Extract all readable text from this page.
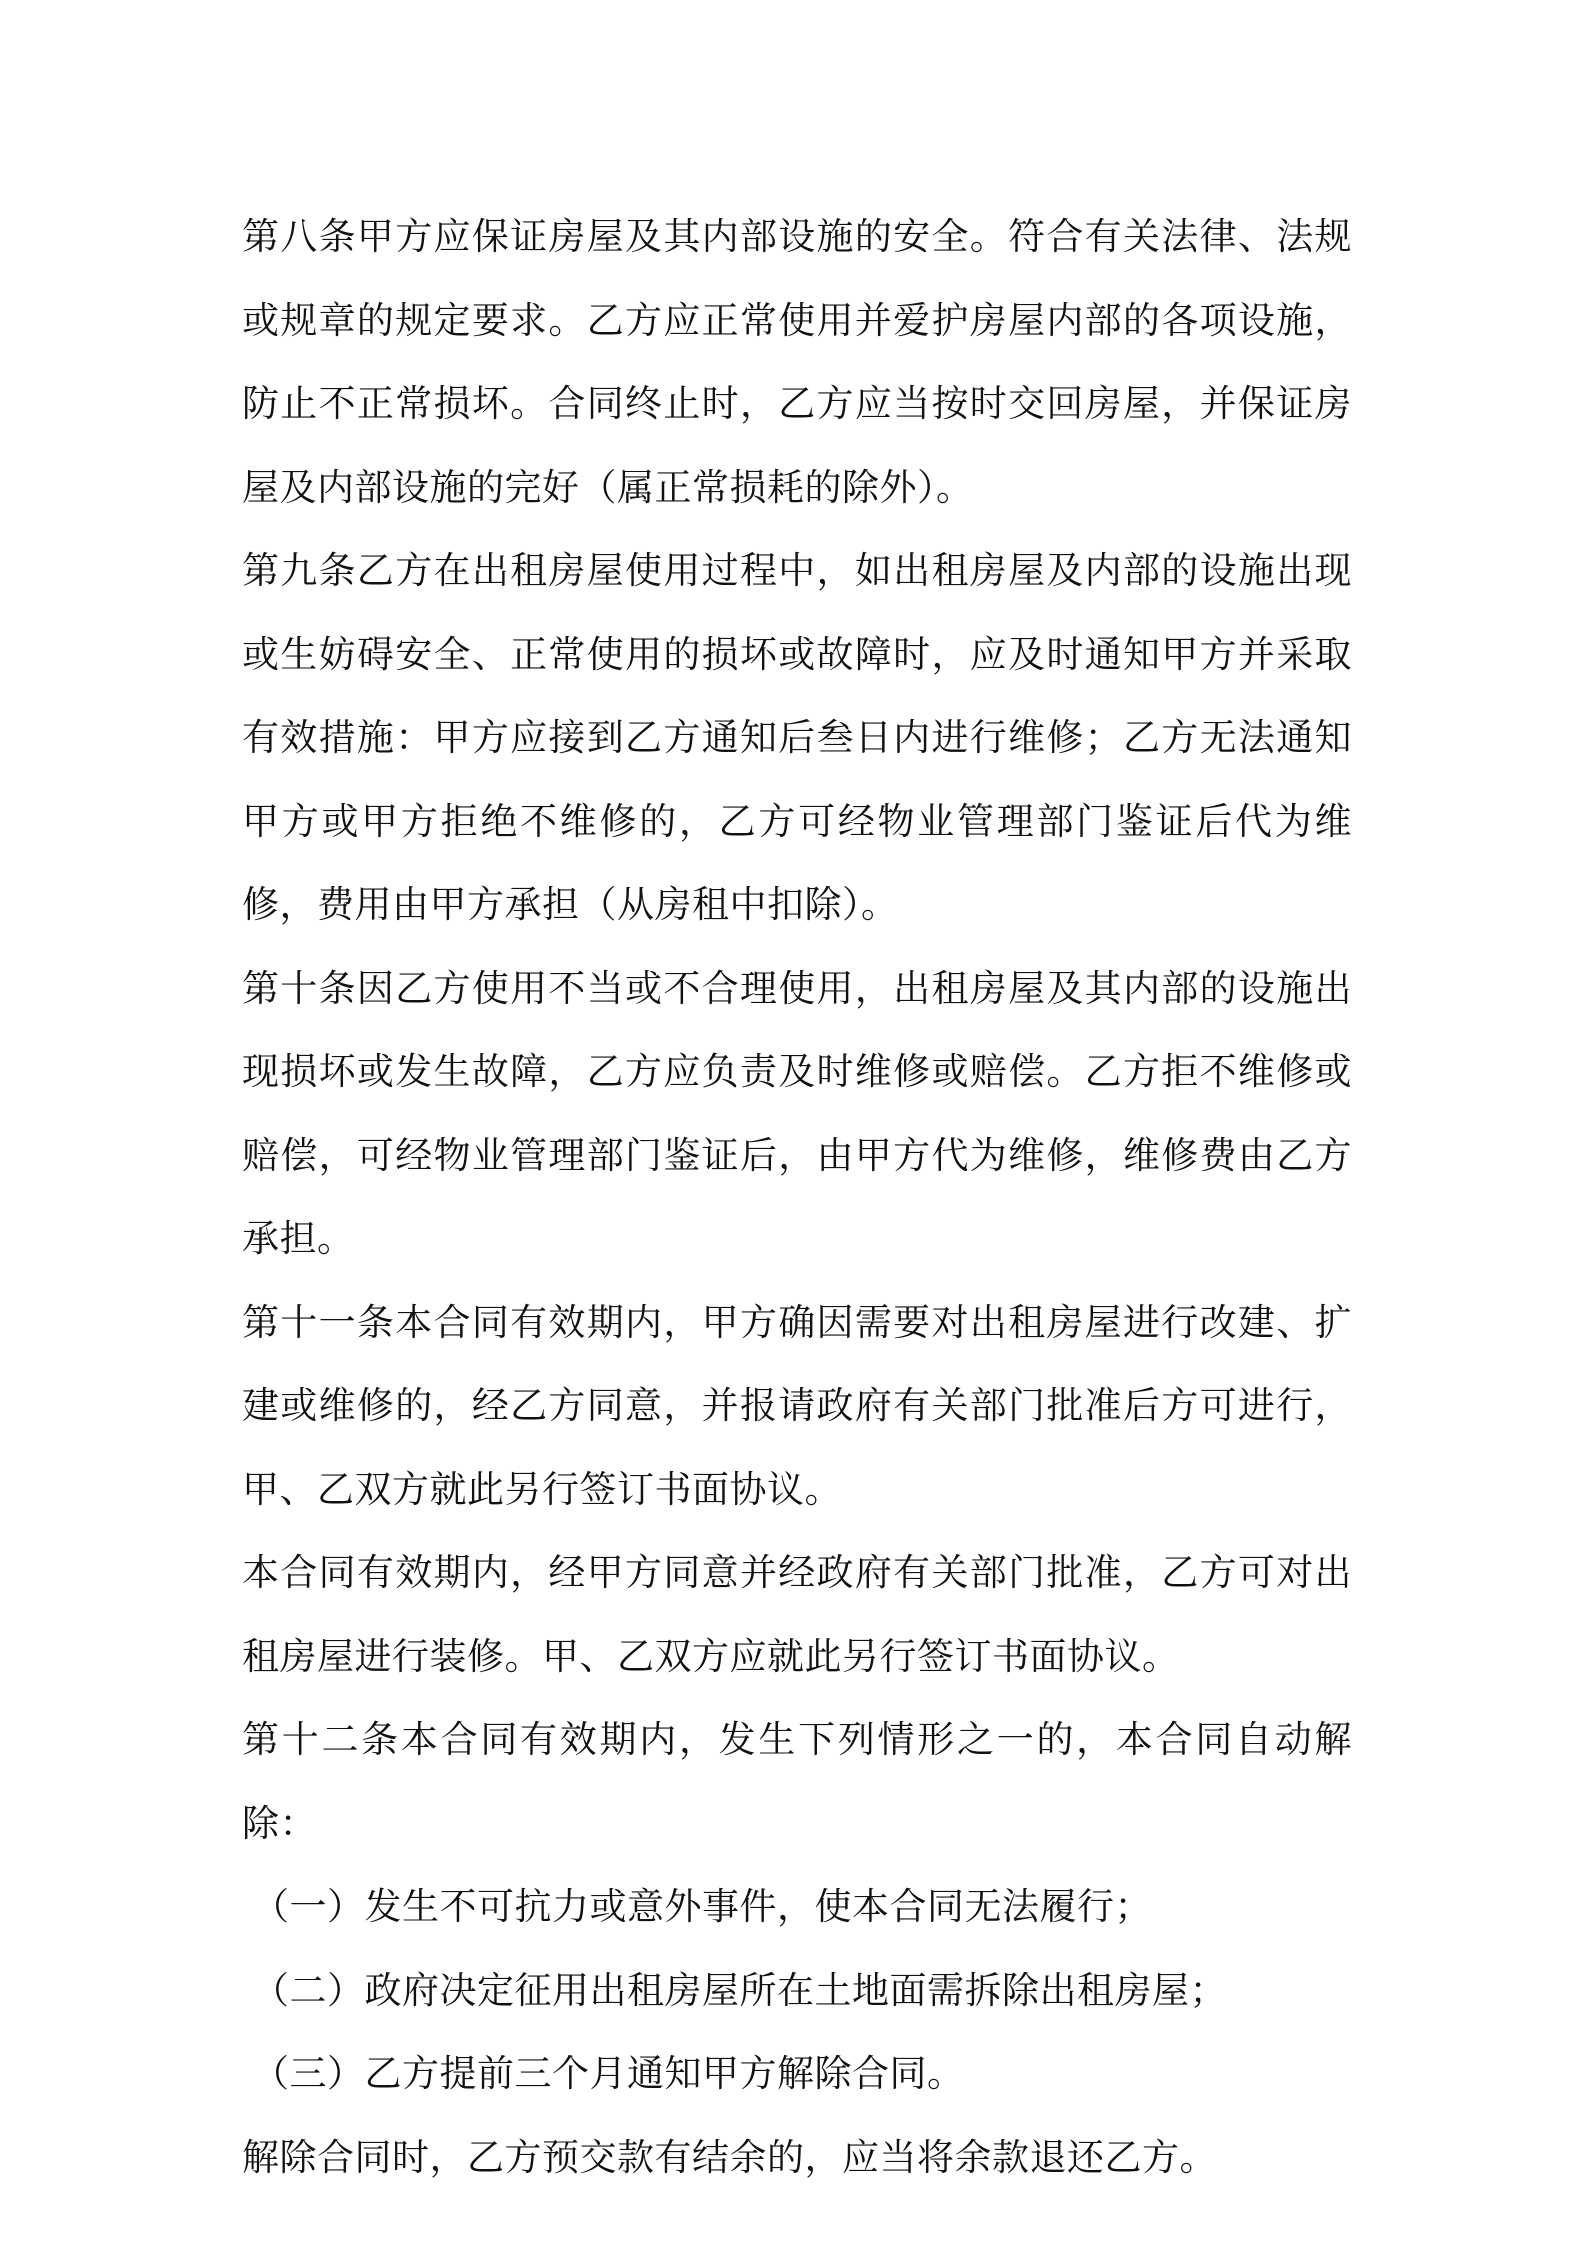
第八条甲方应保证房屋及其内部设施的安全。符合有关法律、法规或规章的规定要求。乙方应正常使用并爱护房屋内部的各项设施，防止不正常损坏。合同终止时，乙方应当按时交回房屋，并保证房屋及内部设施的完好（属正常损耗的除外）。

第九条乙方在出租房屋使用过程中，如出租房屋及内部的设施出现或生妨碍安全、正常使用的损坏或故障时，应及时通知甲方并采取有效措施：甲方应接到乙方通知后叁日内进行维修；乙方无法通知甲方或甲方拒绝不维修的，乙方可经物业管理部门鉴证后代为维修，费用由甲方承担（从房租中扣除）。

第十条因乙方使用不当或不合理使用，出租房屋及其内部的设施出现损坏或发生故障，乙方应负责及时维修或赔偿。乙方拒不维修或赔偿，可经物业管理部门鉴证后，由甲方代为维修，维修费由乙方承担。

第十一条本合同有效期内，甲方确因需要对出租房屋进行改建、扩建或维修的，经乙方同意，并报请政府有关部门批准后方可进行，甲、乙双方就此另行签订书面协议。

本合同有效期内，经甲方同意并经政府有关部门批准，乙方可对出租房屋进行装修。甲、乙双方应就此另行签订书面协议。

第十二条本合同有效期内，发生下列情形之一的，本合同自动解除：

（一）发生不可抗力或意外事件，使本合同无法履行；

（二）政府决定征用出租房屋所在土地面需拆除出租房屋；

（三）乙方提前三个月通知甲方解除合同。

解除合同时，乙方预交款有结余的，应当将余款退还乙方。
